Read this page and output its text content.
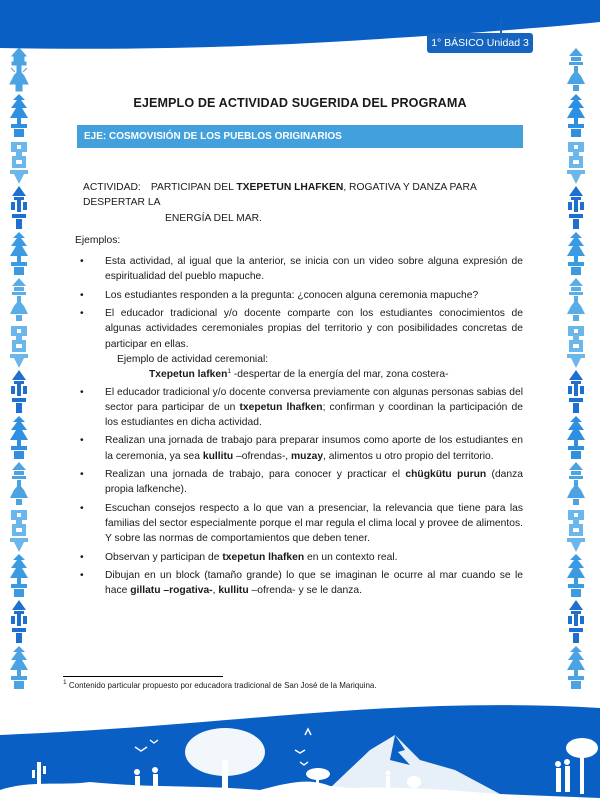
1° BÁSICO Unidad 3
EJEMPLO DE ACTIVIDAD SUGERIDA DEL PROGRAMA
EJE: COSMOVISIÓN DE LOS PUEBLOS ORIGINARIOS
ACTIVIDAD: PARTICIPAN DEL TXEPETUN LHAFKEN, ROGATIVA Y DANZA PARA DESPERTAR LA
ENERGÍA DEL MAR.
Ejemplos:
• Esta actividad, al igual que la anterior, se inicia con un video sobre alguna expresión de espiritualidad del pueblo mapuche.
• Los estudiantes responden a la pregunta: ¿conocen alguna ceremonia mapuche?
• El educador tradicional y/o docente comparte con los estudiantes conocimientos de algunas actividades ceremoniales propias del territorio y con posibilidades concretas de participar en ellas.
Ejemplo de actividad ceremonial:
Txepetun lafken$^1$ -despertar de la energía del mar, zona costera-
• El educador tradicional y/o docente conversa previamente con algunas personas sabias del sector para participar de un txepetun lhafken; confirman y coordinan la participación de los estudiantes en dicha actividad.
• Realizan una jornada de trabajo para preparar insumos como aporte de los estudiantes en la ceremonia, ya sea kullitu –ofrendas-, muzay, alimentos u otro propio del territorio.
• Realizan una jornada de trabajo, para conocer y practicar el chügkütu purun (danza propia lafkenche).
• Escuchan consejos respecto a lo que van a presenciar, la relevancia que tiene para las familias del sector especialmente porque el mar regula el clima local y provee de alimentos. Y sobre las normas de comportamientos que deben tener.
• Observan y participan de txepetun lhafken en un contexto real.
• Dibujan en un block (tamaño grande) lo que se imaginan le ocurre al mar cuando se le hace gillatu –rogativa-, kullitu –ofrenda- y se le danza.
$^1$ Contenido particular propuesto por educadora tradicional de San José de la Mariquina.
